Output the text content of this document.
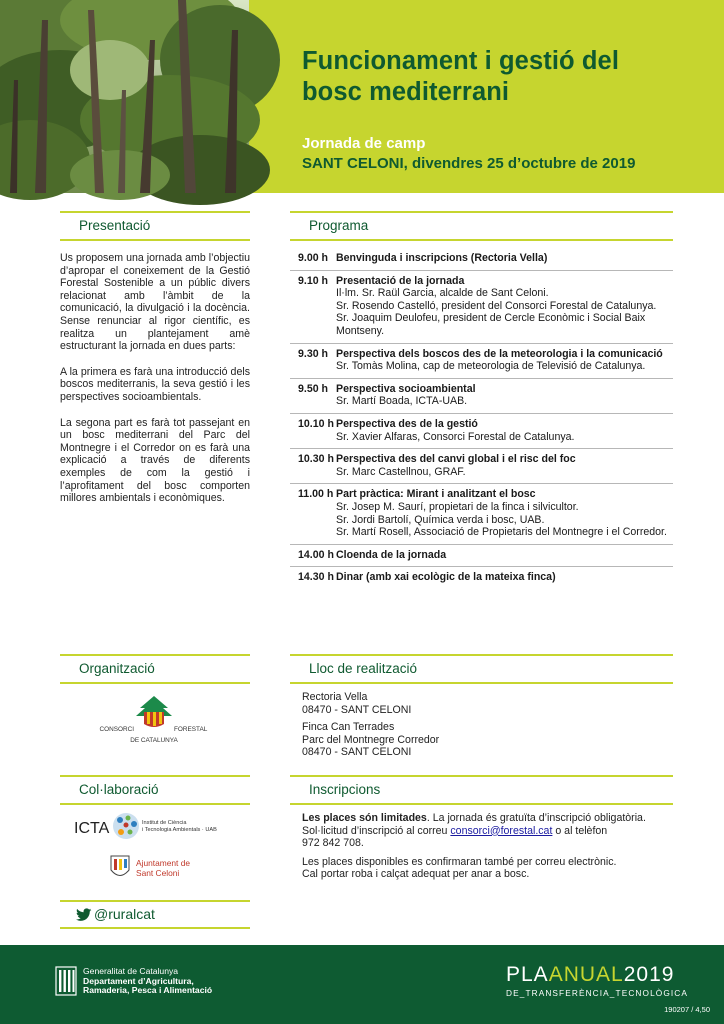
Funcionament i gestió del
bosc mediterrani
Jornada de camp
SANT CELONI, divendres 25 d’octubre de 2019
Presentació

Us proposem una jornada amb l’objectiu d’apropar el coneixement de la Gestió Forestal Sostenible a un públic divers relacionat amb l’àmbit de la comunicació, la divulgació i la docència. Sense renunciar al rigor científic, es realitza un plantejament amè estructurant la jornada en dues parts:

A la primera es farà una introducció dels boscos mediterranis, la seva gestió i les perspectives socioambientals.

La segona part es farà tot passejant en un bosc mediterrani del Parc del Montnegre i el Corredor on es farà una explicació a través de diferents exemples de com la gestió i l’aprofitament del bosc comporten millores ambientals i econòmiques.

Programa
9.00 h Benvinguda i inscripcions (Rectoria Vella)
9.10 h Presentació de la jornada
Il·lm. Sr. Raül Garcia, alcalde de Sant Celoni.
Sr. Rosendo Castelló, president del Consorci Forestal de Catalunya.
Sr. Joaquim Deulofeu, president de Cercle Econòmic i Social Baix Montseny.
9.30 h Perspectiva dels boscos des de la meteorologia i la comunicació
Sr. Tomàs Molina, cap de meteorologia de Televisió de Catalunya.
9.50 h Perspectiva socioambiental
Sr. Martí Boada, ICTA-UAB.
10.10 h Perspectiva des de la gestió
Sr. Xavier Alfaras, Consorci Forestal de Catalunya.
10.30 h Perspectiva des del canvi global i el risc del foc
Sr. Marc Castellnou, GRAF.
11.00 h Part pràctica: Mirant i analitzant el bosc
Sr. Josep M. Saurí, propietari de la finca i silvicultor.
Sr. Jordi Bartolí, Química verda i bosc, UAB.
Sr. Martí Rosell, Associació de Propietaris del Montnegre i el Corredor.
14.00 h Cloenda de la jornada
14.30 h Dinar (amb xai ecològic de la mateixa finca)
Organització
CONSORCI	FORESTAL
DE CATALUNYA
Lloc de realització
Rectoria Vella
08470 - SANT CELONI
Finca Can Terrades
Parc del Montnegre Corredor
08470 - SANT CELONI
Col·laboració
ICTA	Institut de Ciència
i Tecnologia Ambientals · UAB
Ajuntament de
Sant Celoni
@ruralcat
Inscripcions
Les places són limitades. La jornada és gratuïta d’inscripció obligatòria.
Sol·licitud d’inscripció al correu consorci@forestal.cat o al telèfon
972 842 708.
Les places disponibles es confirmaran també per correu electrònic.
Cal portar roba i calçat adequat per anar a bosc.
Generalitat de Catalunya
Departament d’Agricultura,
Ramaderia, Pesca i Alimentació
PLAANUAL2019
DE_TRANSFERÈNCIA_TECNOLÒGICA
190207 / 4,50
